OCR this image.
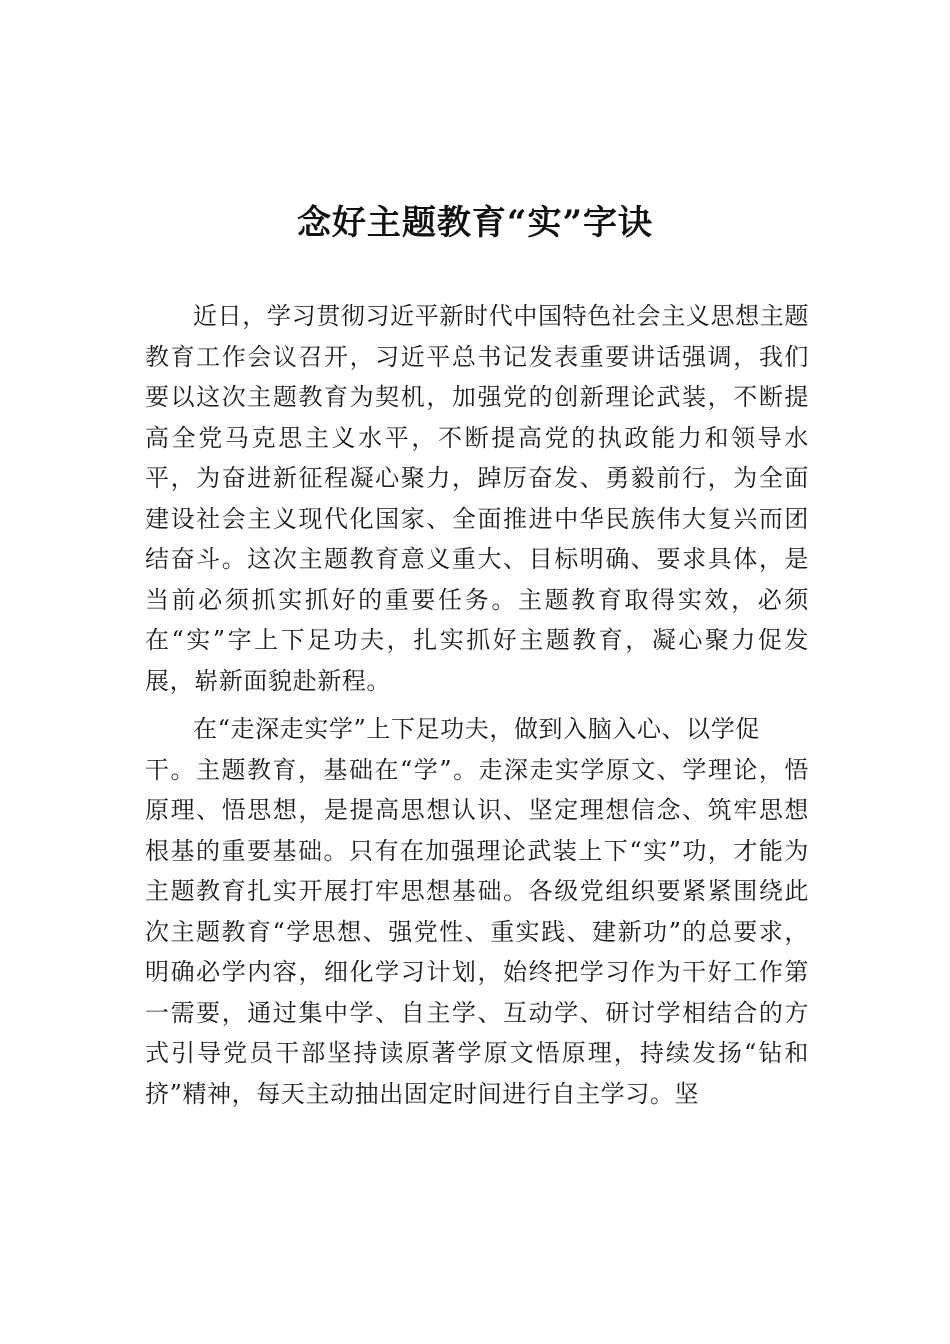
念好主题教育“实”字诀

近日，学习贯彻习近平新时代中国特色社会主义思想主题教育工作会议召开，习近平总书记发表重要讲话强调，我们要以这次主题教育为契机，加强党的创新理论武装，不断提高全党马克思主义水平，不断提高党的执政能力和领导水平，为奋进新征程凝心聚力，踔厉奋发、勇毅前行，为全面建设社会主义现代化国家、全面推进中华民族伟大复兴而团结奋斗。这次主题教育意义重大、目标明确、要求具体，是当前必须抓实抓好的重要任务。主题教育取得实效，必须在“实”字上下足功夫，扎实抓好主题教育，凝心聚力促发展，崭新面貌赴新程。

在“走深走实学”上下足功夫，做到入脑入心、以学促
干。主题教育，基础在“学”。走深走实学原文、学理论，悟原理、悟思想，是提高思想认识、坚定理想信念、筑牢思想根基的重要基础。只有在加强理论武装上下“实”功，才能为主题教育扎实开展打牢思想基础。各级党组织要紧紧围绕此次主题教育“学思想、强党性、重实践、建新功”的总要求，明确必学内容，细化学习计划，始终把学习作为干好工作第一需要，通过集中学、自主学、互动学、研讨学相结合的方式引导党员干部坚持读原著学原文悟原理，持续发扬“钻和挤”精神，每天主动抽出固定时间进行自主学习。坚
